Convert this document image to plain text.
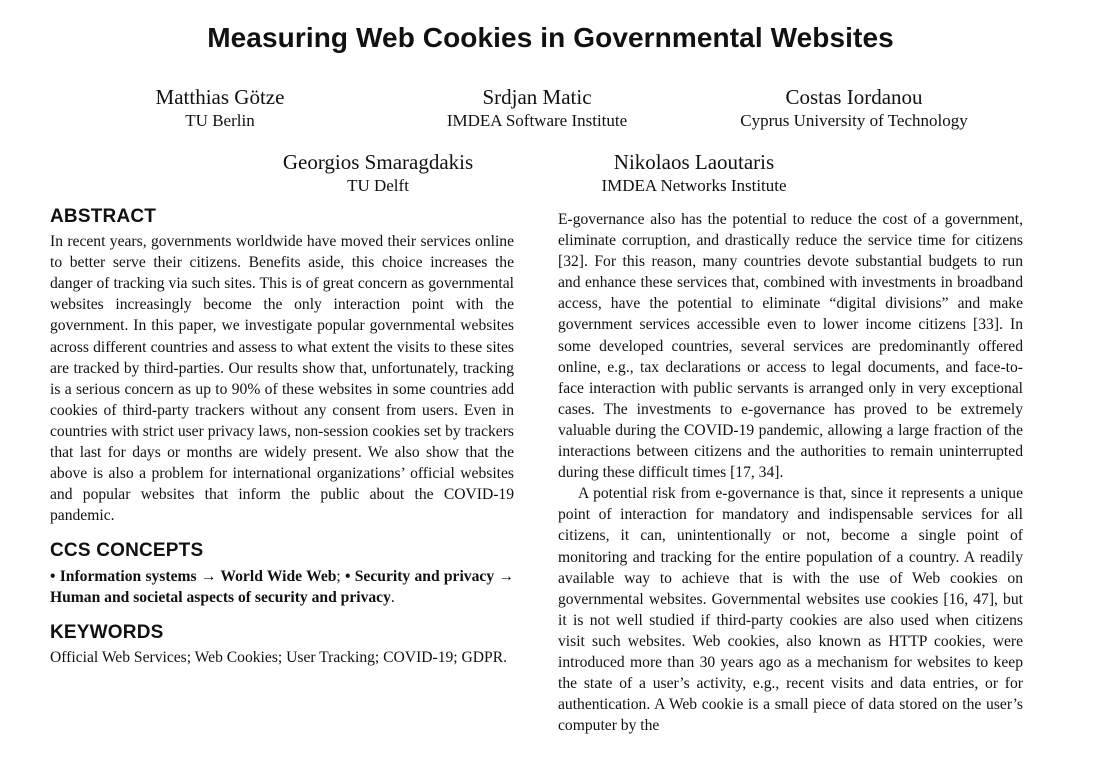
Measuring Web Cookies in Governmental Websites
Matthias Götze
TU Berlin
Srdjan Matic
IMDEA Software Institute
Costas Iordanou
Cyprus University of Technology
Georgios Smaragdakis
TU Delft
Nikolaos Laoutaris
IMDEA Networks Institute
ABSTRACT

In recent years, governments worldwide have moved their services online to better serve their citizens. Benefits aside, this choice increases the danger of tracking via such sites. This is of great concern as governmental websites increasingly become the only interaction point with the government. In this paper, we investigate popular governmental websites across different countries and assess to what extent the visits to these sites are tracked by third-parties. Our results show that, unfortunately, tracking is a serious concern as up to 90% of these websites in some countries add cookies of third-party trackers without any consent from users. Even in countries with strict user privacy laws, non-session cookies set by trackers that last for days or months are widely present. We also show that the above is also a problem for international organizations’ official websites and popular websites that inform the public about the COVID-19 pandemic.

CCS CONCEPTS

• Information systems → World Wide Web; • Security and privacy → Human and societal aspects of security and privacy.

KEYWORDS

Official Web Services; Web Cookies; User Tracking; COVID-19; GDPR.

E-governance also has the potential to reduce the cost of a government, eliminate corruption, and drastically reduce the service time for citizens [32]. For this reason, many countries devote substantial budgets to run and enhance these services that, combined with investments in broadband access, have the potential to eliminate “digital divisions” and make government services accessible even to lower income citizens [33]. In some developed countries, several services are predominantly offered online, e.g., tax declarations or access to legal documents, and face-to-face interaction with public servants is arranged only in very exceptional cases. The investments to e-governance has proved to be extremely valuable during the COVID-19 pandemic, allowing a large fraction of the interactions between citizens and the authorities to remain uninterrupted during these difficult times [17, 34].

A potential risk from e-governance is that, since it represents a unique point of interaction for mandatory and indispensable services for all citizens, it can, unintentionally or not, become a single point of monitoring and tracking for the entire population of a country. A readily available way to achieve that is with the use of Web cookies on governmental websites. Governmental websites use cookies [16, 47], but it is not well studied if third-party cookies are also used when citizens visit such websites. Web cookies, also known as HTTP cookies, were introduced more than 30 years ago as a mechanism for websites to keep the state of a user’s activity, e.g., recent visits and data entries, or for authentication. A Web cookie is a small piece of data stored on the user’s computer by the
